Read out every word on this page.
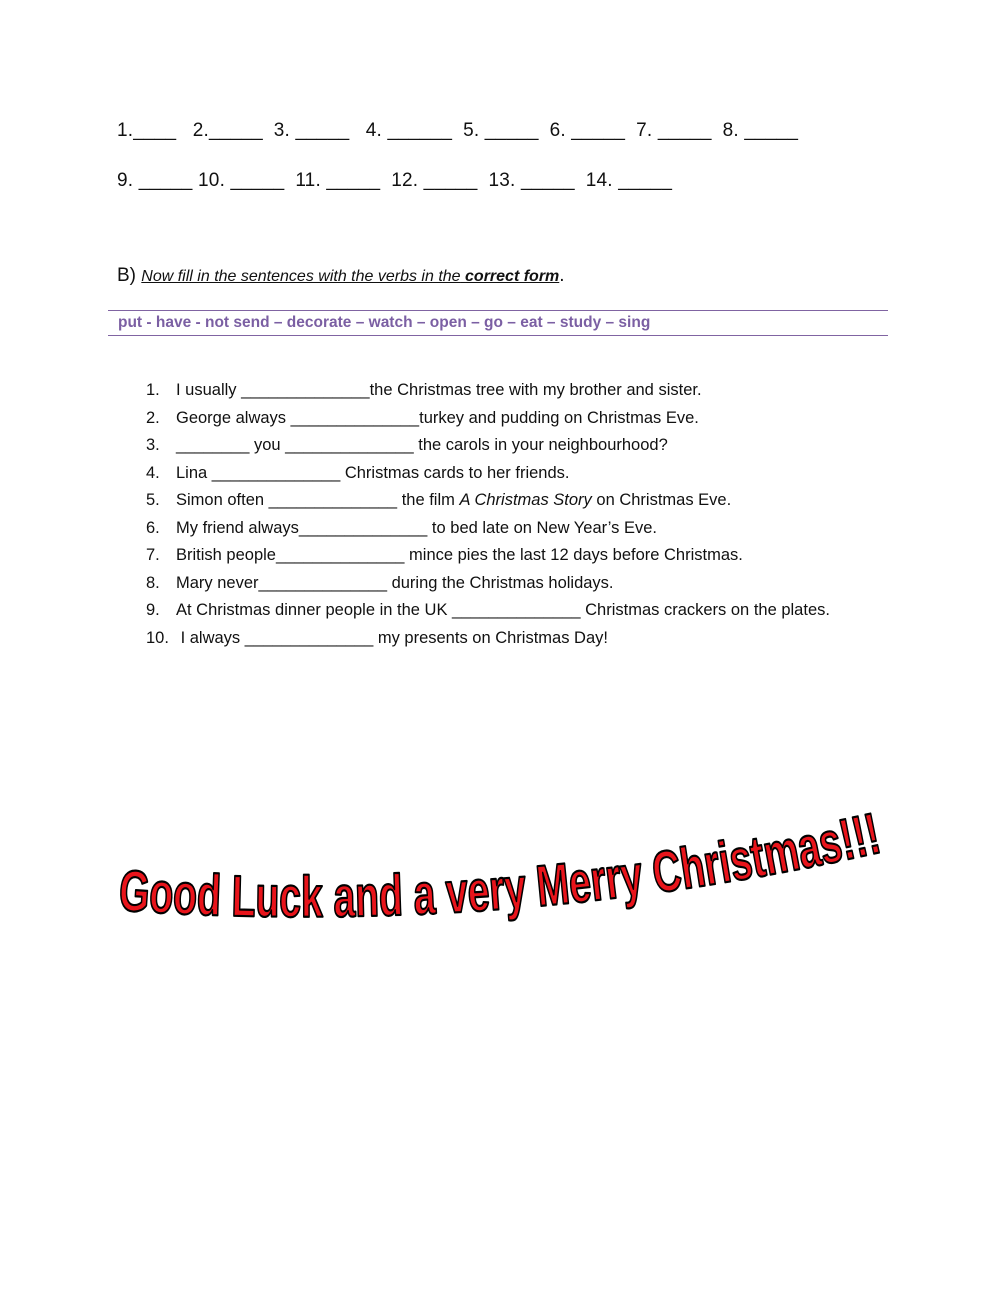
1.____   2._____  3. _____   4. ______  5. _____  6. _____  7. _____  8. _____
9. _____ 10. _____  11. _____  12. _____  13. _____  14. _____
B) Now fill in the sentences with the verbs in the correct form.
put - have - not send – decorate – watch – open – go – eat – study – sing
1. I usually ______________the Christmas tree with my brother and sister.
2. George always ______________turkey and pudding on Christmas Eve.
3. ________ you ______________ the carols in your neighbourhood?
4. Lina ______________ Christmas cards to her friends.
5. Simon often ______________ the film A Christmas Story on Christmas Eve.
6. My friend always______________ to bed late on New Year’s Eve.
7. British people______________ mince pies the last 12 days before Christmas.
8. Mary never______________ during the Christmas holidays.
9. At Christmas dinner people in the UK ______________ Christmas crackers on the plates.
10. I always ______________ my presents on Christmas Day!
Good Luck and a very Merry Christmas!!!
